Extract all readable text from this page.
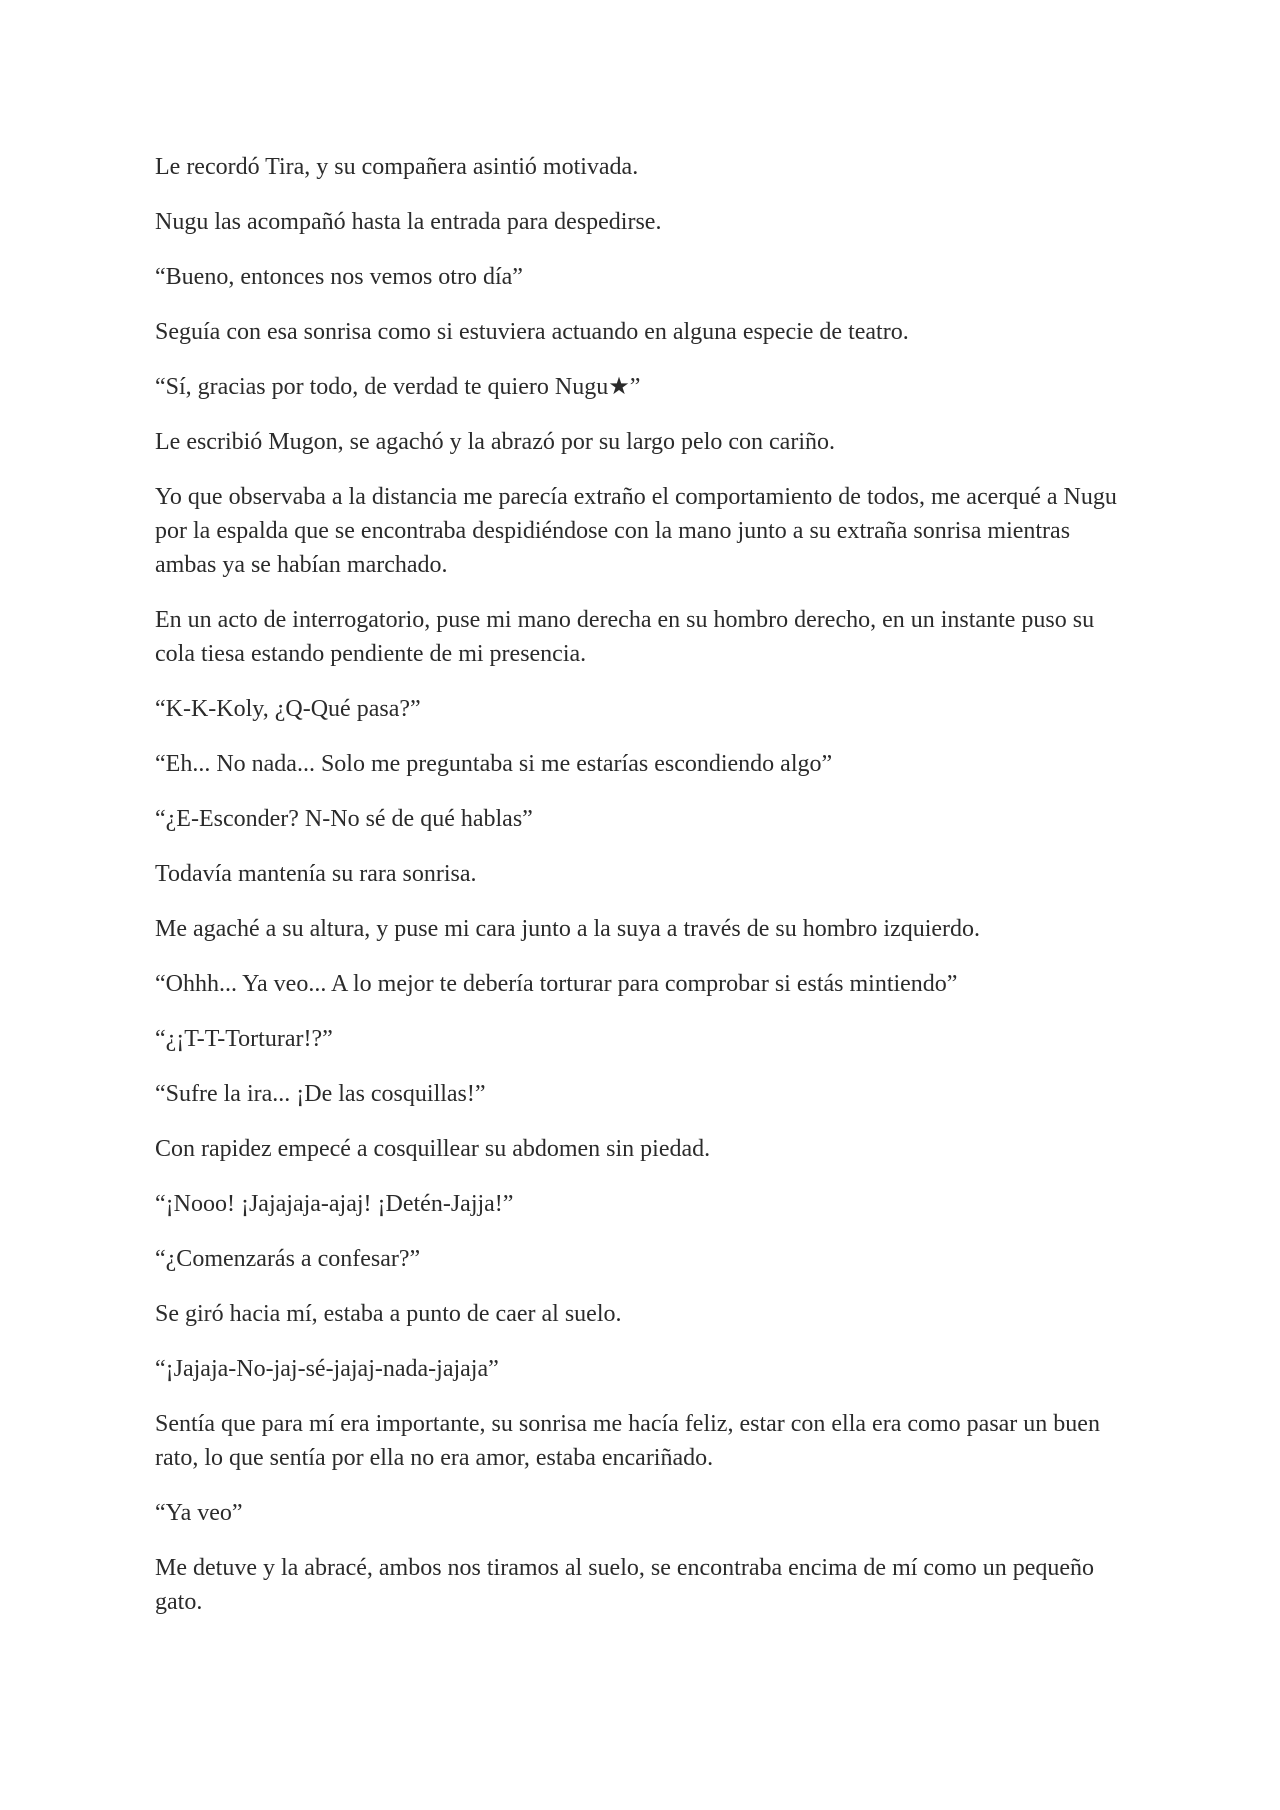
Le recordó Tira, y su compañera asintió motivada.

Nugu las acompañó hasta la entrada para despedirse.

“Bueno, entonces nos vemos otro día”

Seguía con esa sonrisa como si estuviera actuando en alguna especie de teatro.

“Sí, gracias por todo, de verdad te quiero Nugu★”

Le escribió Mugon, se agachó y la abrazó por su largo pelo con cariño.

Yo que observaba a la distancia me parecía extraño el comportamiento de todos, me acerqué a Nugu por la espalda que se encontraba despidiéndose con la mano junto a su extraña sonrisa mientras ambas ya se habían marchado.

En un acto de interrogatorio, puse mi mano derecha en su hombro derecho, en un instante puso su cola tiesa estando pendiente de mi presencia.

“K-K-Koly, ¿Q-Qué pasa?”

“Eh... No nada... Solo me preguntaba si me estarías escondiendo algo”

“¿E-Esconder? N-No sé de qué hablas”

Todavía mantenía su rara sonrisa.

Me agaché a su altura, y puse mi cara junto a la suya a través de su hombro izquierdo.

“Ohhh... Ya veo... A lo mejor te debería torturar para comprobar si estás mintiendo”

“¿¡T-T-Torturar!?”

“Sufre la ira... ¡De las cosquillas!”

Con rapidez empecé a cosquillear su abdomen sin piedad.

“¡Nooo! ¡Jajajaja-ajaj! ¡Detén-Jajja!”

“¿Comenzarás a confesar?”

Se giró hacia mí, estaba a punto de caer al suelo.

“¡Jajaja-No-jaj-sé-jajaj-nada-jajaja”

Sentía que para mí era importante, su sonrisa me hacía feliz, estar con ella era como pasar un buen rato, lo que sentía por ella no era amor, estaba encariñado.

“Ya veo”

Me detuve y la abracé, ambos nos tiramos al suelo, se encontraba encima de mí como un pequeño gato.
